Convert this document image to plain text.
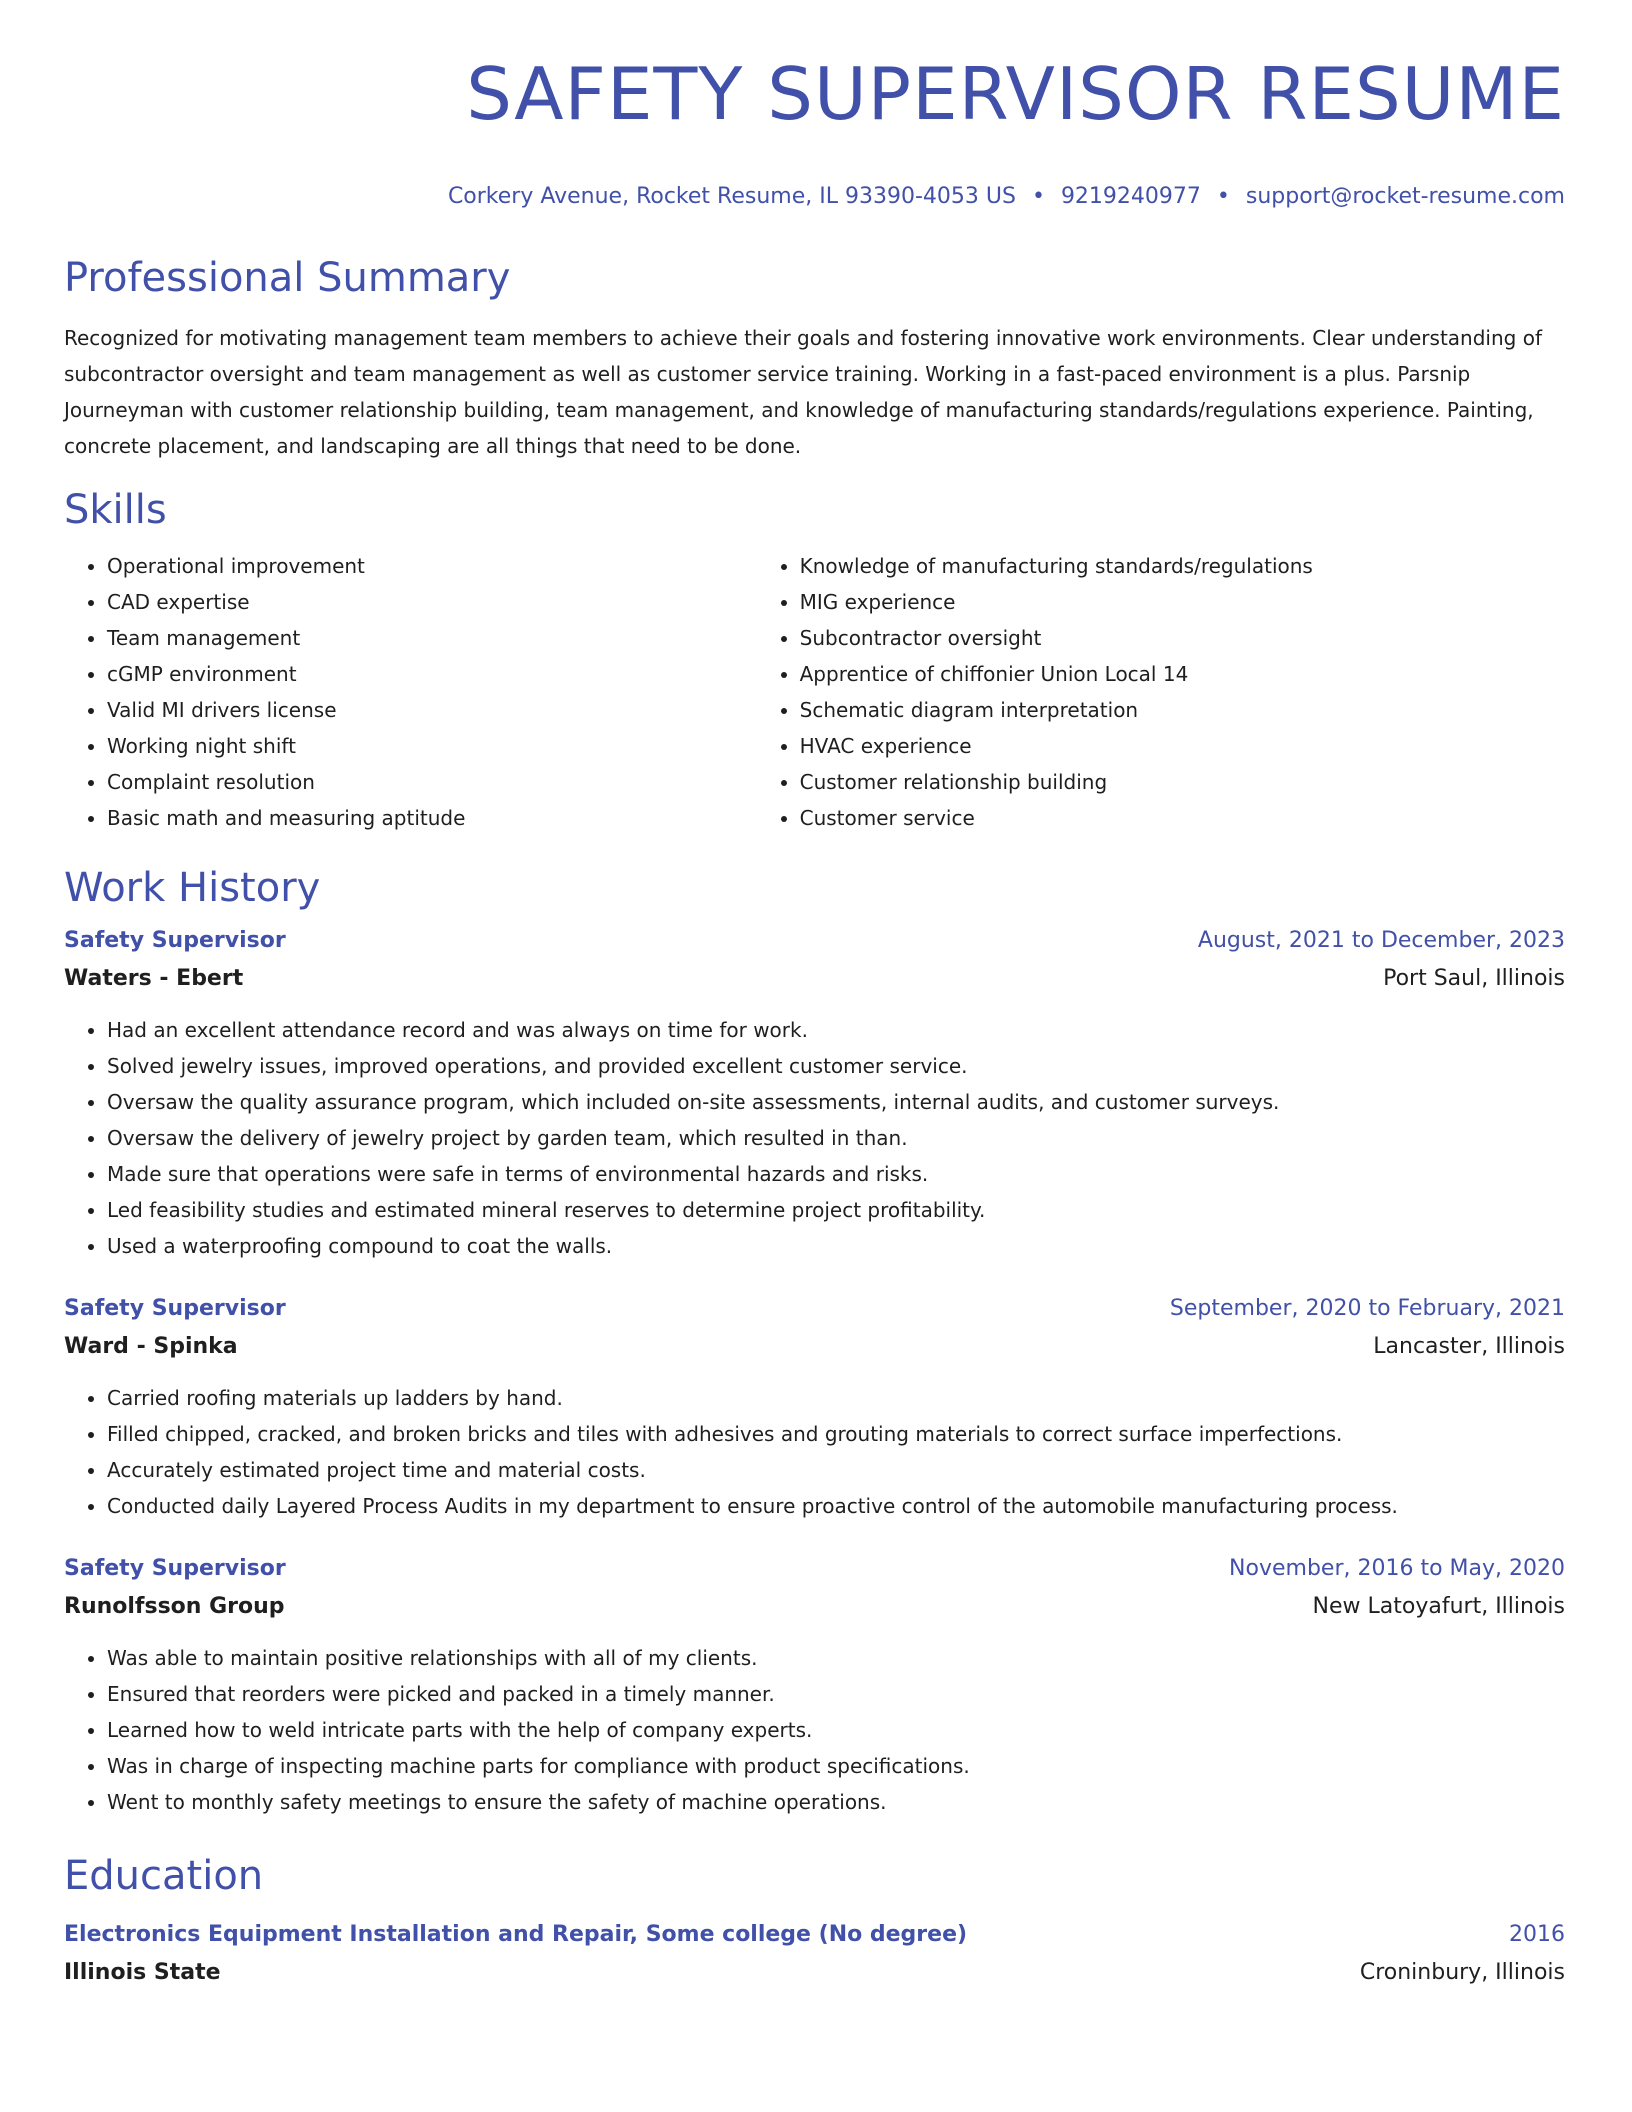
SAFETY SUPERVISOR RESUME
Corkery Avenue, Rocket Resume, IL 93390-4053 US • 9219240977 • support@rocket-resume.com
Professional Summary
Recognized for motivating management team members to achieve their goals and fostering innovative work environments. Clear understanding of subcontractor oversight and team management as well as customer service training. Working in a fast-paced environment is a plus. Parsnip Journeyman with customer relationship building, team management, and knowledge of manufacturing standards/regulations experience. Painting, concrete placement, and landscaping are all things that need to be done.
Skills
• Operational improvement
• CAD expertise
• Team management
• cGMP environment
• Valid MI drivers license
• Working night shift
• Complaint resolution
• Basic math and measuring aptitude
• Knowledge of manufacturing standards/regulations
• MIG experience
• Subcontractor oversight
• Apprentice of chiffonier Union Local 14
• Schematic diagram interpretation
• HVAC experience
• Customer relationship building
• Customer service
Work History
Safety Supervisor	August, 2021 to December, 2023
Waters - Ebert	Port Saul, Illinois
• Had an excellent attendance record and was always on time for work.
• Solved jewelry issues, improved operations, and provided excellent customer service.
• Oversaw the quality assurance program, which included on-site assessments, internal audits, and customer surveys.
• Oversaw the delivery of jewelry project by garden team, which resulted in than.
• Made sure that operations were safe in terms of environmental hazards and risks.
• Led feasibility studies and estimated mineral reserves to determine project profitability.
• Used a waterproofing compound to coat the walls.
Safety Supervisor	September, 2020 to February, 2021
Ward - Spinka	Lancaster, Illinois
• Carried roofing materials up ladders by hand.
• Filled chipped, cracked, and broken bricks and tiles with adhesives and grouting materials to correct surface imperfections.
• Accurately estimated project time and material costs.
• Conducted daily Layered Process Audits in my department to ensure proactive control of the automobile manufacturing process.
Safety Supervisor	November, 2016 to May, 2020
Runolfsson Group	New Latoyafurt, Illinois
• Was able to maintain positive relationships with all of my clients.
• Ensured that reorders were picked and packed in a timely manner.
• Learned how to weld intricate parts with the help of company experts.
• Was in charge of inspecting machine parts for compliance with product specifications.
• Went to monthly safety meetings to ensure the safety of machine operations.
Education
Electronics Equipment Installation and Repair, Some college (No degree)	2016
Illinois State	Croninbury, Illinois
